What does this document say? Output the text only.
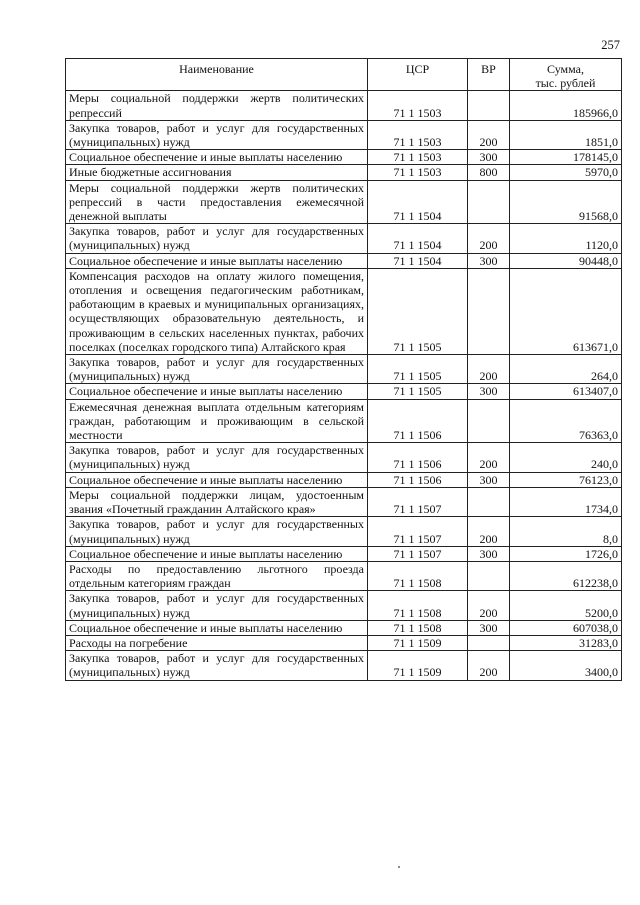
257
Наименование	ЦСР	ВР	Сумма,
тыс. рублей
Меры социальной поддержки жертв политических репрессий	71 1 1503		185966,0
Закупка товаров, работ и услуг для государственных (муниципальных) нужд	71 1 1503	200	1851,0
Социальное обеспечение и иные выплаты населению	71 1 1503	300	178145,0
Иные бюджетные ассигнования	71 1 1503	800	5970,0
Меры социальной поддержки жертв политических репрессий в части предоставления ежемесячной денежной выплаты	71 1 1504		91568,0
Закупка товаров, работ и услуг для государственных (муниципальных) нужд	71 1 1504	200	1120,0
Социальное обеспечение и иные выплаты населению	71 1 1504	300	90448,0
Компенсация расходов на оплату жилого помещения, отопления и освещения педагогическим работникам, работающим в краевых и муниципальных организациях, осуществляющих образовательную деятельность, и проживающим в сельских населенных пунктах, рабочих поселках (поселках городского типа) Алтайского края	71 1 1505		613671,0
Закупка товаров, работ и услуг для государственных (муниципальных) нужд	71 1 1505	200	264,0
Социальное обеспечение и иные выплаты населению	71 1 1505	300	613407,0
Ежемесячная денежная выплата отдельным категориям граждан, работающим и проживающим в сельской местности	71 1 1506		76363,0
Закупка товаров, работ и услуг для государственных (муниципальных) нужд	71 1 1506	200	240,0
Социальное обеспечение и иные выплаты населению	71 1 1506	300	76123,0
Меры социальной поддержки лицам, удостоенным звания «Почетный гражданин Алтайского края»	71 1 1507		1734,0
Закупка товаров, работ и услуг для государственных (муниципальных) нужд	71 1 1507	200	8,0
Социальное обеспечение и иные выплаты населению	71 1 1507	300	1726,0
Расходы по предоставлению льготного проезда отдельным категориям граждан	71 1 1508		612238,0
Закупка товаров, работ и услуг для государственных (муниципальных) нужд	71 1 1508	200	5200,0
Социальное обеспечение и иные выплаты населению	71 1 1508	300	607038,0
Расходы на погребение	71 1 1509		31283,0
Закупка товаров, работ и услуг для государственных (муниципальных) нужд	71 1 1509	200	3400,0
